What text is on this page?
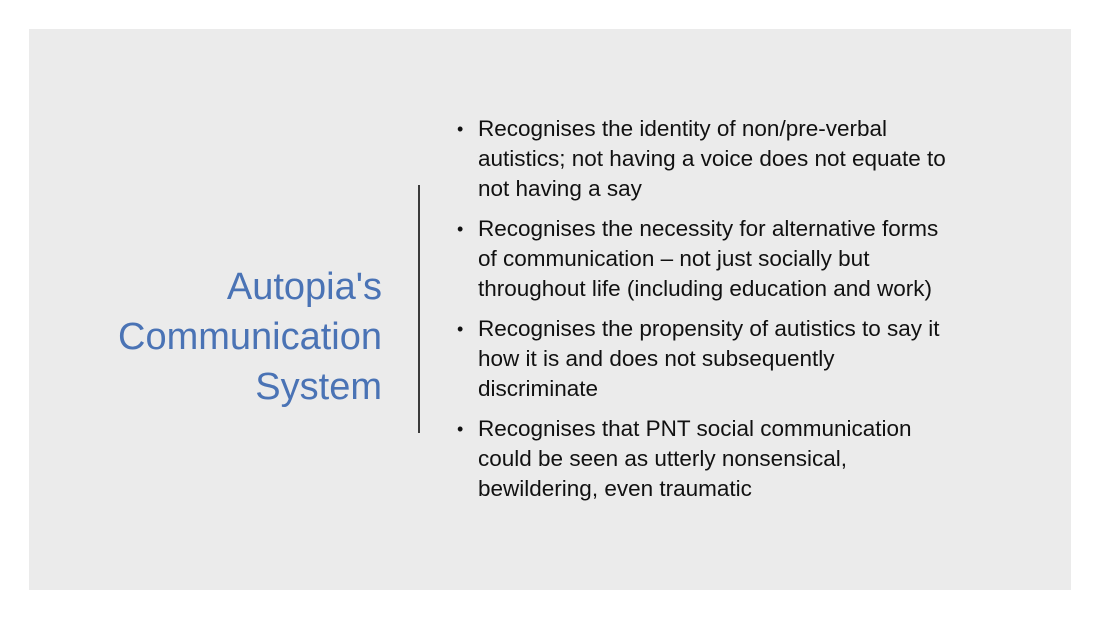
Autopia's
Communication
System
• Recognises the identity of non/pre-verbal
autistics; not having a voice does not equate to
not having a say
• Recognises the necessity for alternative forms
of communication – not just socially but
throughout life (including education and work)
• Recognises the propensity of autistics to say it
how it is and does not subsequently
discriminate
• Recognises that PNT social communication
could be seen as utterly nonsensical,
bewildering, even traumatic
